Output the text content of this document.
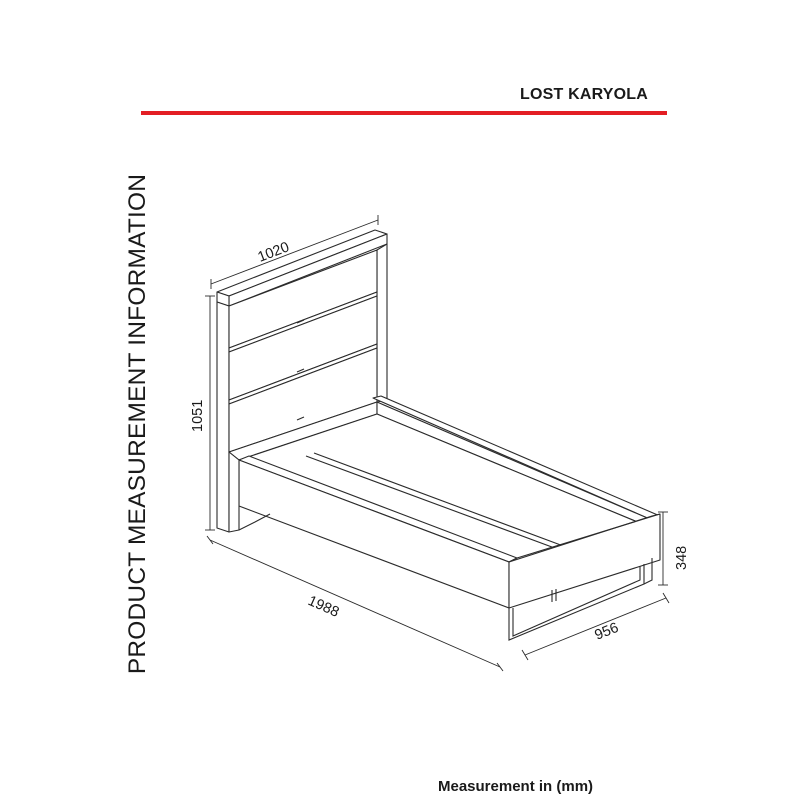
LOST KARYOLA
PRODUCT MEASUREMENT INFORMATION	1020
1051
1988
956
348
Measurement in (mm)
